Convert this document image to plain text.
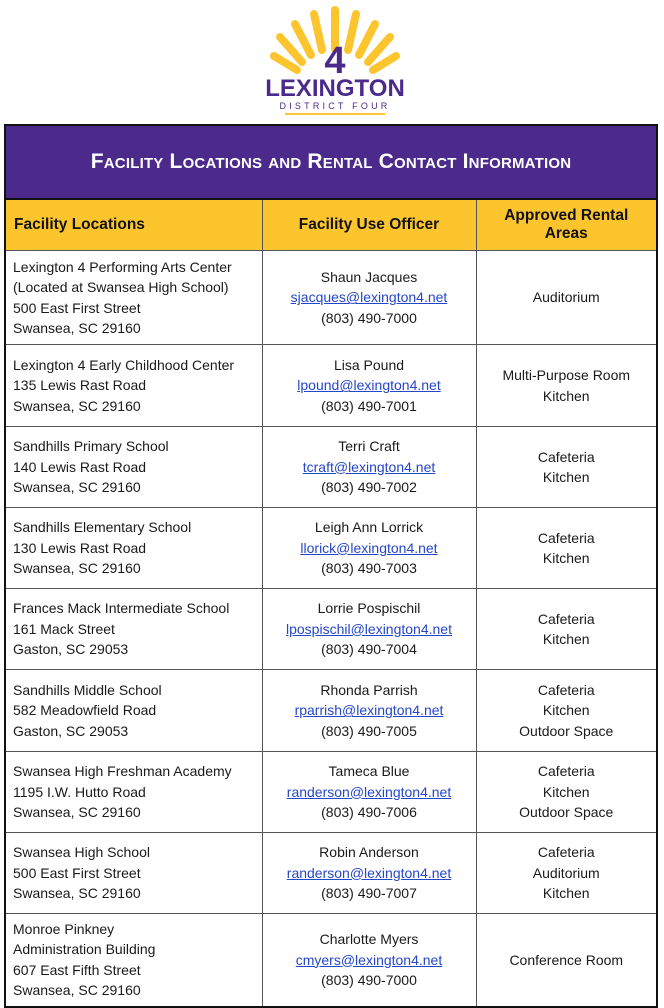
4
LEXINGTON
DISTRICT FOUR
Facility Locations and Rental Contact Information
Facility Locations	Facility Use Officer	Approved Rental Areas

Lexington 4 Performing Arts Center
(Located at Swansea High School)
500 East First Street
Swansea, SC 29160	Shaun Jacques
sjacques@lexington4.net
(803) 490-7000	Auditorium

Lexington 4 Early Childhood Center
135 Lewis Rast Road
Swansea, SC 29160	Lisa Pound
lpound@lexington4.net
(803) 490-7001	Multi-Purpose Room
Kitchen

Sandhills Primary School
140 Lewis Rast Road
Swansea, SC 29160	Terri Craft
tcraft@lexington4.net
(803) 490-7002	Cafeteria
Kitchen

Sandhills Elementary School
130 Lewis Rast Road
Swansea, SC 29160	Leigh Ann Lorrick
llorick@lexington4.net
(803) 490-7003	Cafeteria
Kitchen

Frances Mack Intermediate School
161 Mack Street
Gaston, SC 29053	Lorrie Pospischil
lpospischil@lexington4.net
(803) 490-7004	Cafeteria
Kitchen

Sandhills Middle School
582 Meadowfield Road
Gaston, SC 29053	Rhonda Parrish
rparrish@lexington4.net
(803) 490-7005	Cafeteria
Kitchen
Outdoor Space

Swansea High Freshman Academy
1195 I.W. Hutto Road
Swansea, SC 29160	Tameca Blue
randerson@lexington4.net
(803) 490-7006	Cafeteria
Kitchen
Outdoor Space

Swansea High School
500 East First Street
Swansea, SC 29160	Robin Anderson
randerson@lexington4.net
(803) 490-7007	Cafeteria
Auditorium
Kitchen

Monroe Pinkney
Administration Building
607 East Fifth Street
Swansea, SC 29160	Charlotte Myers
cmyers@lexington4.net
(803) 490-7000	Conference Room
